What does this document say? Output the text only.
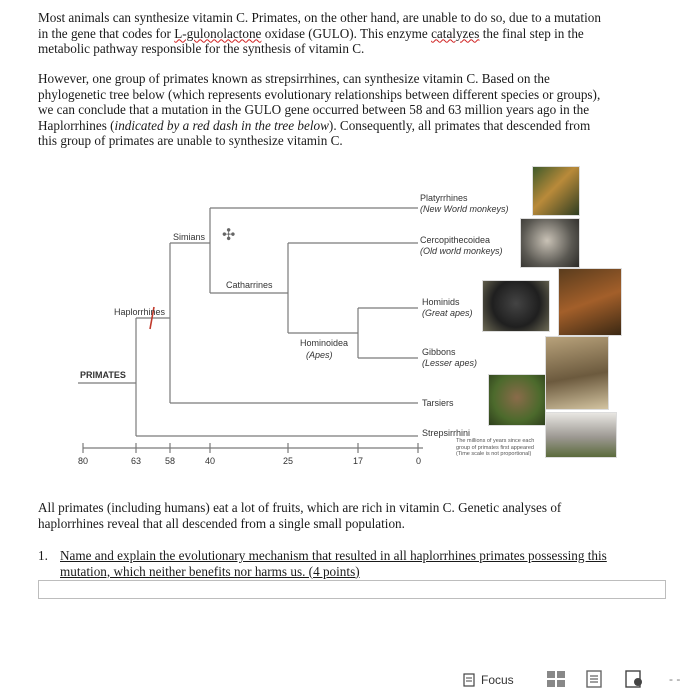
Most animals can synthesize vitamin C. Primates, on the other hand, are unable to do so, due to a mutation
in the gene that codes for L-gulonolactone oxidase (GULO). This enzyme catalyzes the final step in the
metabolic pathway responsible for the synthesis of vitamin C.
However, one group of primates known as strepsirrhines, can synthesize vitamin C. Based on the
phylogenetic tree below (which represents evolutionary relationships between different species or groups),
we can conclude that a mutation in the GULO gene occurred between 58 and 63 million years ago in the
Haplorrhines (indicated by a red dash in the tree below). Consequently, all primates that descended from
this group of primates are unable to synthesize vitamin C.
✣
PRIMATES
Haplorrhines
Simians
Catharrines
Hominoidea
(Apes)
Platyrrhines
(New World monkeys)
Cercopithecoidea
(Old world monkeys)
Hominids
(Great apes)
Gibbons
(Lesser apes)
Tarsiers
Strepsirrhini
80	63	58	40	25	17	0
The millions of years since each group of primates first appeared (Time scale is not proportional)
All primates (including humans) eat a lot of fruits, which are rich in vitamin C. Genetic analyses of
haplorrhines reveal that all descended from a single small population.
1. Name and explain the evolutionary mechanism that resulted in all haplorrhines primates possessing this
mutation, which neither benefits nor harms us. (4 points)
Focus	- -
